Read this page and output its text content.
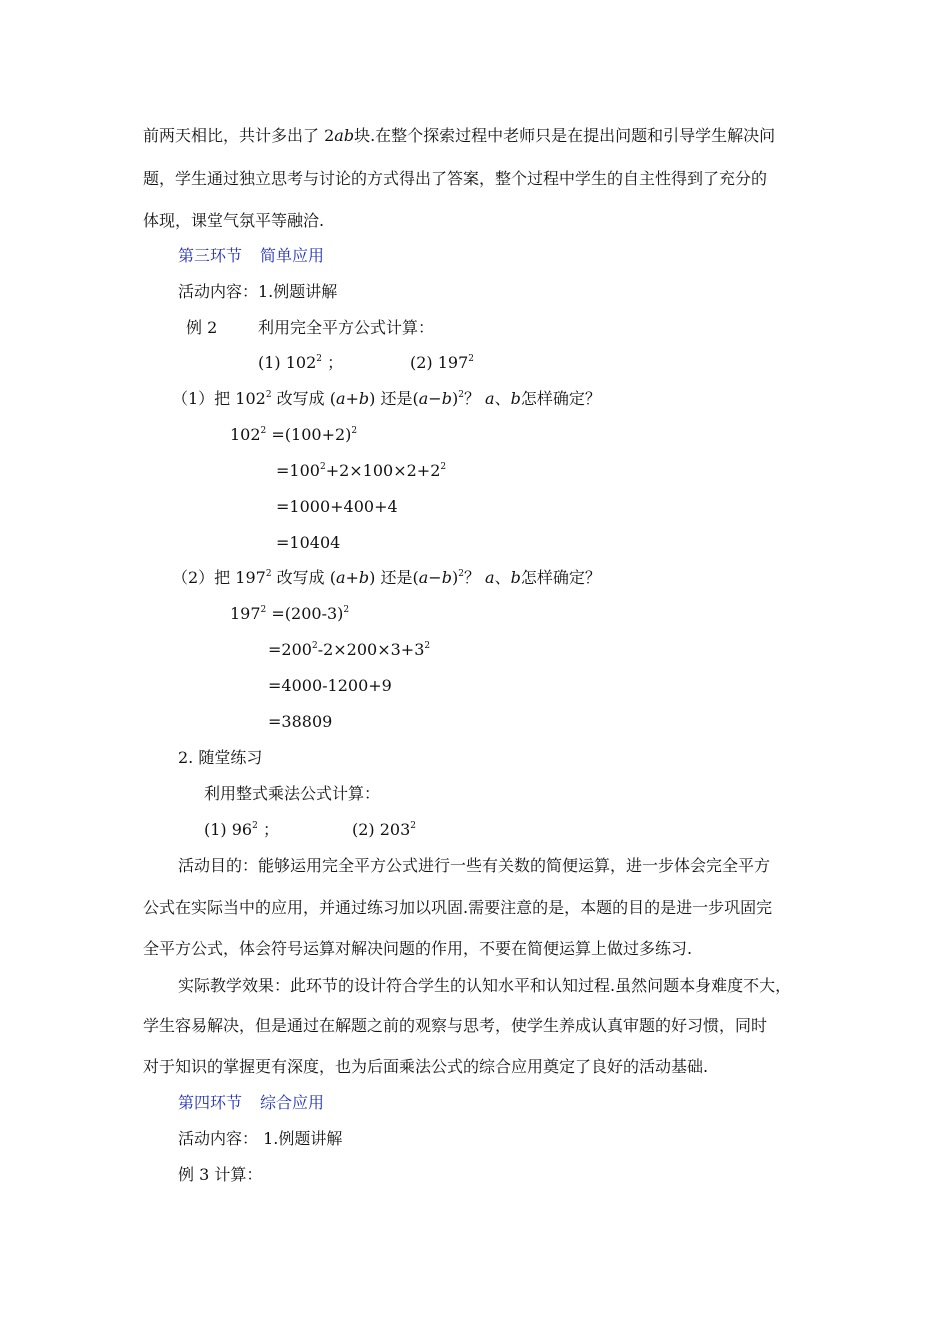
前两天相比，共计多出了 2ab块.在整个探索过程中老师只是在提出问题和引导学生解决问
题，学生通过独立思考与讨论的方式得出了答案，整个过程中学生的自主性得到了充分的
体现，课堂气氛平等融洽.
第三环节 简单应用
活动内容：1.例题讲解
例 2	利用完全平方公式计算：
(1) $102^2$ ；	(2) $197^2$
（1）把 $102^2$ 改写成 (a+b) 还是$(a-b)^2$？ a、b怎样确定？
$102^2 =(100+2)^2$
$=100^2+2\times 100\times 2+2^2$
=1000+400+4
=10404
（2）把 $197^2$ 改写成 (a+b) 还是$(a-b)^2$？ a、b怎样确定？
$197^2 =(200-3)^2$
$=200^2-2\times 200\times 3+3^2$
=4000-1200+9
=38809
2. 随堂练习
利用整式乘法公式计算：
(1) $96^2$ ；	(2) $203^2$
活动目的：能够运用完全平方公式进行一些有关数的简便运算，进一步体会完全平方
公式在实际当中的应用，并通过练习加以巩固.需要注意的是，本题的目的是进一步巩固完
全平方公式，体会符号运算对解决问题的作用，不要在简便运算上做过多练习.
实际教学效果：此环节的设计符合学生的认知水平和认知过程.虽然问题本身难度不大，
学生容易解决，但是通过在解题之前的观察与思考，使学生养成认真审题的好习惯，同时
对于知识的掌握更有深度，也为后面乘法公式的综合应用奠定了良好的活动基础.
第四环节 综合应用
活动内容： 1.例题讲解
例 3 计算：
